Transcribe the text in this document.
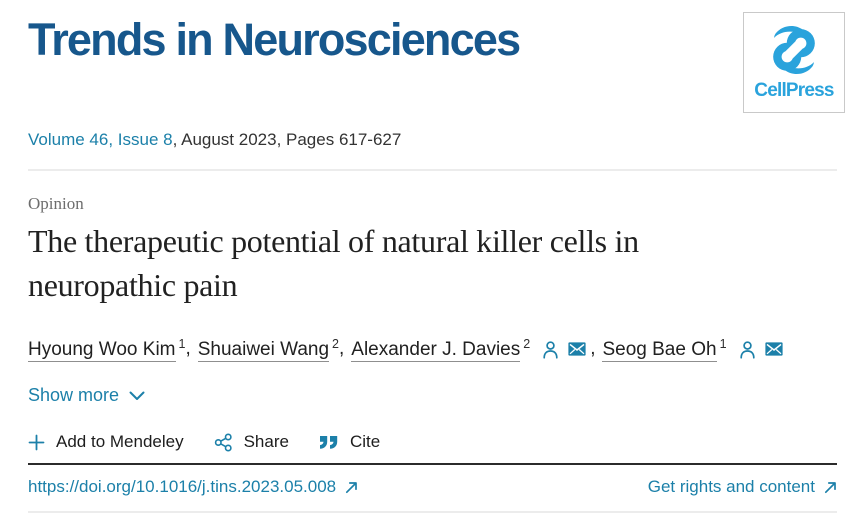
Trends in Neurosciences
CellPress
Volume 46, Issue 8, August 2023, Pages 617-627
Opinion
The therapeutic potential of natural killer cells in neuropathic pain
Hyoung Woo Kim $^1$ , Shuaiwei Wang $^2$ , Alexander J. Davies $^2$	, Seog Bae Oh $^1$
Show more
Add to Mendeley	Share	Cite
https://doi.org/10.1016/j.tins.2023.05.008	Get rights and content
